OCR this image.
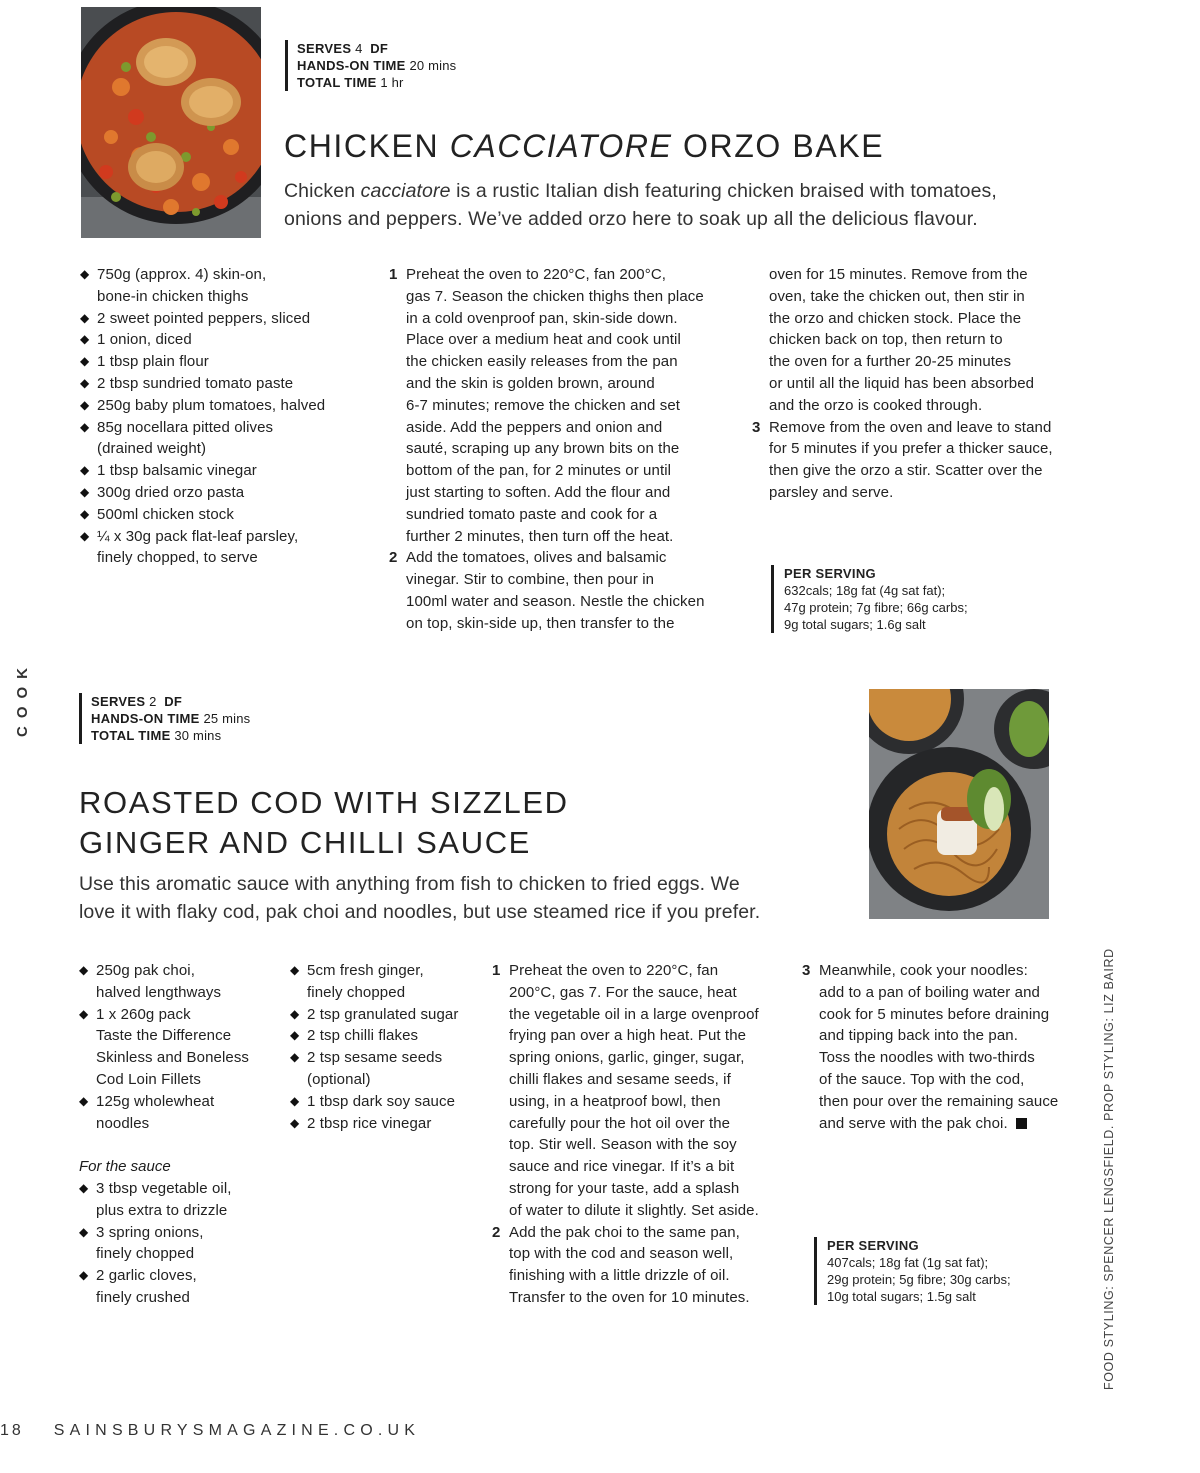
SERVES 4 DF
HANDS-ON TIME 20 mins
TOTAL TIME 1 hr
CHICKEN CACCIATORE ORZO BAKE

Chicken cacciatore is a rustic Italian dish featuring chicken braised with tomatoes,

onions and peppers. We’ve added orzo here to soak up all the delicious flavour.

◆ 750g (approx. 4) skin-on,
bone-in chicken thighs
◆ 2 sweet pointed peppers, sliced
◆ 1 onion, diced
◆ 1 tbsp plain flour
◆ 2 tbsp sundried tomato paste
◆ 250g baby plum tomatoes, halved
◆ 85g nocellara pitted olives
(drained weight)
◆ 1 tbsp balsamic vinegar
◆ 300g dried orzo pasta
◆ 500ml chicken stock
◆ ¼ x 30g pack flat-leaf parsley,
finely chopped, to serve
1 Preheat the oven to 220°C, fan 200°C,
gas 7. Season the chicken thighs then place
in a cold ovenproof pan, skin-side down.
Place over a medium heat and cook until
the chicken easily releases from the pan
and the skin is golden brown, around
6-7 minutes; remove the chicken and set
aside. Add the peppers and onion and
sauté, scraping up any brown bits on the
bottom of the pan, for 2 minutes or until
just starting to soften. Add the flour and
sundried tomato paste and cook for a
further 2 minutes, then turn off the heat.
2 Add the tomatoes, olives and balsamic
vinegar. Stir to combine, then pour in
100ml water and season. Nestle the chicken
on top, skin-side up, then transfer to the
oven for 15 minutes. Remove from the
oven, take the chicken out, then stir in
the orzo and chicken stock. Place the
chicken back on top, then return to
the oven for a further 20-25 minutes
or until all the liquid has been absorbed
and the orzo is cooked through.
3 Remove from the oven and leave to stand
for 5 minutes if you prefer a thicker sauce,
then give the orzo a stir. Scatter over the
parsley and serve.
PER SERVING
632cals; 18g fat (4g sat fat);
47g protein; 7g fibre; 66g carbs;
9g total sugars; 1.6g salt
COOK	SERVES 2 DF
HANDS-ON TIME 25 mins
TOTAL TIME 30 mins
ROASTED COD WITH SIZZLED
GINGER AND CHILLI SAUCE

Use this aromatic sauce with anything from fish to chicken to fried eggs. We

love it with flaky cod, pak choi and noodles, but use steamed rice if you prefer.

◆ 250g pak choi,
halved lengthways
◆ 1 x 260g pack
Taste the Difference
Skinless and Boneless
Cod Loin Fillets
◆ 125g wholewheat
noodles

For the sauce

◆ 3 tbsp vegetable oil,
plus extra to drizzle
◆ 3 spring onions,
finely chopped
◆ 2 garlic cloves,
finely crushed
◆ 5cm fresh ginger,
finely chopped
◆ 2 tsp granulated sugar
◆ 2 tsp chilli flakes
◆ 2 tsp sesame seeds
(optional)
◆ 1 tbsp dark soy sauce
◆ 2 tbsp rice vinegar
1 Preheat the oven to 220°C, fan
200°C, gas 7. For the sauce, heat
the vegetable oil in a large ovenproof
frying pan over a high heat. Put the
spring onions, garlic, ginger, sugar,
chilli flakes and sesame seeds, if
using, in a heatproof bowl, then
carefully pour the hot oil over the
top. Stir well. Season with the soy
sauce and rice vinegar. If it’s a bit
strong for your taste, add a splash
of water to dilute it slightly. Set aside.
2 Add the pak choi to the same pan,
top with the cod and season well,
finishing with a little drizzle of oil.
Transfer to the oven for 10 minutes.
3 Meanwhile, cook your noodles:
add to a pan of boiling water and
cook for 5 minutes before draining
and tipping back into the pan.
Toss the noodles with two-thirds
of the sauce. Top with the cod,
then pour over the remaining sauce
and serve with the pak choi.
PER SERVING
407cals; 18g fat (1g sat fat);
29g protein; 5g fibre; 30g carbs;
10g total sugars; 1.5g salt	FOOD STYLING: SPENCER LENGSFIELD. PROP STYLING: LIZ BAIRD
18 SAINSBURYSMAGAZINE.CO.UK
